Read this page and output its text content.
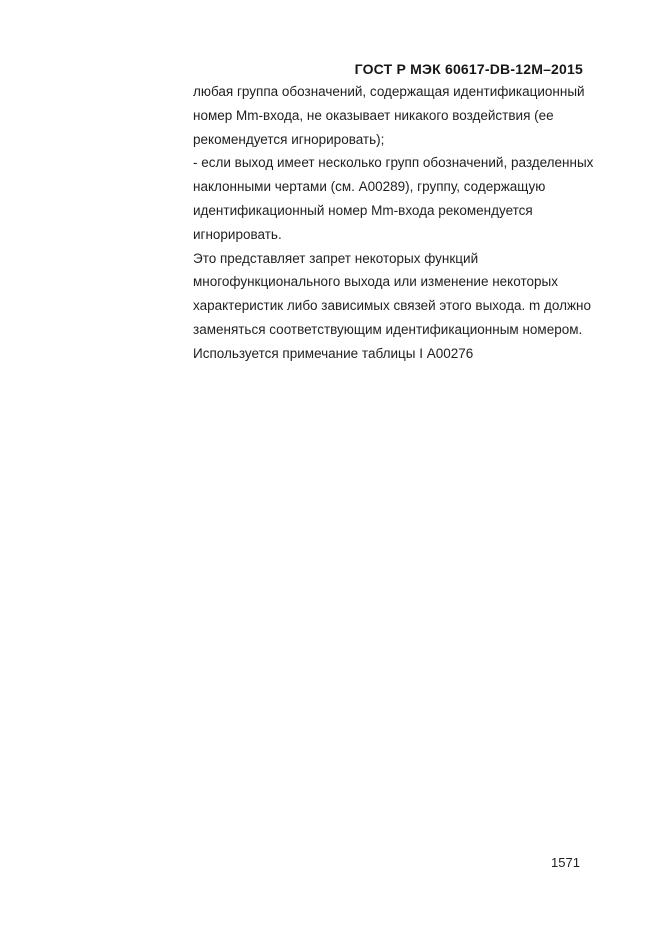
ГОСТ Р МЭК 60617-DB-12M–2015
любая группа обозначений, содержащая идентификационный
номер Mm-входа, не оказывает никакого воздействия (ее
рекомендуется игнорировать);
- если выход имеет несколько групп обозначений, разделенных
наклонными чертами (см. А00289), группу, содержащую
идентификационный номер Mm-входа рекомендуется
игнорировать.
Это представляет запрет некоторых функций
многофункционального выхода или изменение некоторых
характеристик либо зависимых связей этого выхода. m должно
заменяться соответствующим идентификационным номером.
Используется примечание таблицы I А00276
1571
